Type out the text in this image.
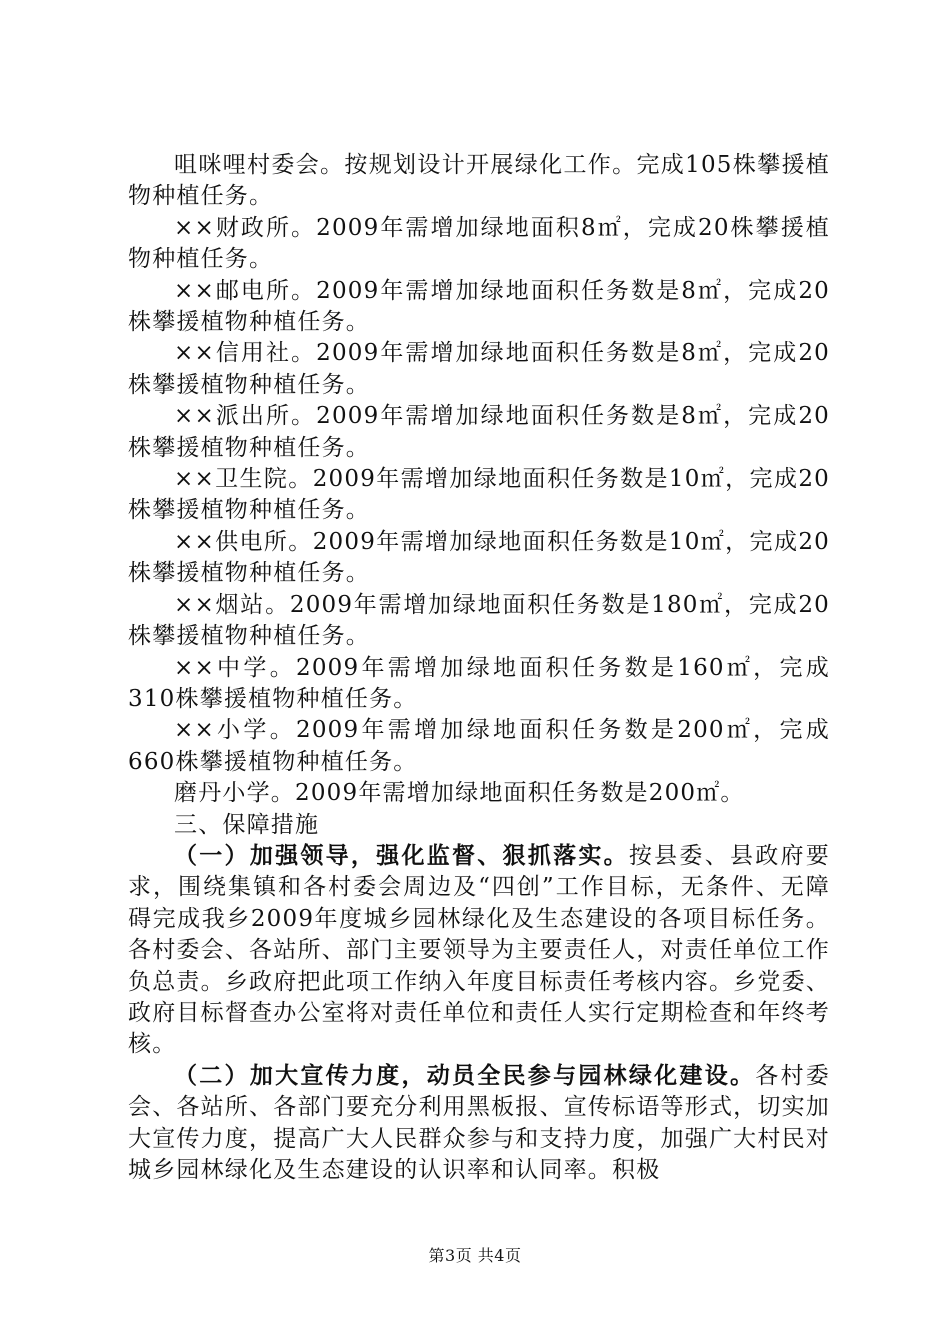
咀咪哩村委会。按规划设计开展绿化工作。完成105株攀援植物种植任务。

××财政所。2009年需增加绿地面积8㎡，完成20株攀援植物种植任务。

××邮电所。2009年需增加绿地面积任务数是8㎡，完成20株攀援植物种植任务。

××信用社。2009年需增加绿地面积任务数是8㎡，完成20株攀援植物种植任务。

××派出所。2009年需增加绿地面积任务数是8㎡，完成20株攀援植物种植任务。

××卫生院。2009年需增加绿地面积任务数是10㎡，完成20株攀援植物种植任务。

××供电所。2009年需增加绿地面积任务数是10㎡，完成20株攀援植物种植任务。

××烟站。2009年需增加绿地面积任务数是180㎡，完成20株攀援植物种植任务。

××中学。2009年需增加绿地面积任务数是160㎡，完成310株攀援植物种植任务。

××小学。2009年需增加绿地面积任务数是200㎡，完成660株攀援植物种植任务。

磨丹小学。2009年需增加绿地面积任务数是200㎡。

三、保障措施

（一）加强领导，强化监督、狠抓落实。按县委、县政府要求，围绕集镇和各村委会周边及“四创”工作目标，无条件、无障碍完成我乡2009年度城乡园林绿化及生态建设的各项目标任务。各村委会、各站所、部门主要领导为主要责任人，对责任单位工作负总责。乡政府把此项工作纳入年度目标责任考核内容。乡党委、政府目标督查办公室将对责任单位和责任人实行定期检查和年终考核。

（二）加大宣传力度，动员全民参与园林绿化建设。各村委会、各站所、各部门要充分利用黑板报、宣传标语等形式，切实加大宣传力度，提高广大人民群众参与和支持力度，加强广大村民对城乡园林绿化及生态建设的认识率和认同率。积极

第3页 共4页
